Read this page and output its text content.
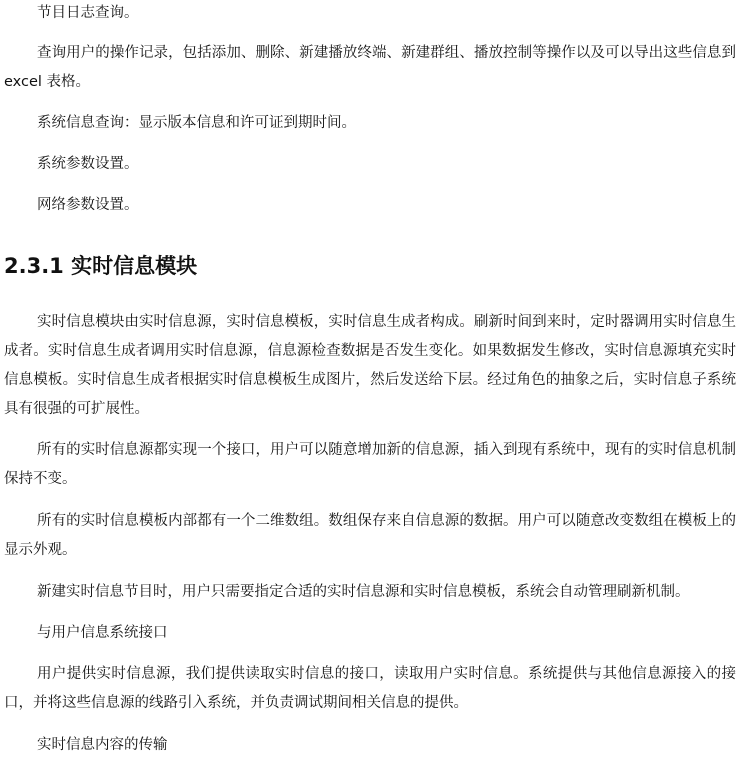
节目日志查询。

查询用户的操作记录，包括添加、删除、新建播放终端、新建群组、播放控制等操作以及可以导出这些信息到 excel 表格。

系统信息查询：显示版本信息和许可证到期时间。

系统参数设置。

网络参数设置。

2.3.1 实时信息模块

实时信息模块由实时信息源，实时信息模板，实时信息生成者构成。刷新时间到来时，定时器调用实时信息生成者。实时信息生成者调用实时信息源，信息源检查数据是否发生变化。如果数据发生修改，实时信息源填充实时信息模板。实时信息生成者根据实时信息模板生成图片，然后发送给下层。经过角色的抽象之后，实时信息子系统具有很强的可扩展性。

所有的实时信息源都实现一个接口，用户可以随意增加新的信息源，插入到现有系统中，现有的实时信息机制保持不变。

所有的实时信息模板内部都有一个二维数组。数组保存来自信息源的数据。用户可以随意改变数组在模板上的显示外观。

新建实时信息节目时，用户只需要指定合适的实时信息源和实时信息模板，系统会自动管理刷新机制。

与用户信息系统接口

用户提供实时信息源，我们提供读取实时信息的接口，读取用户实时信息。系统提供与其他信息源接入的接口，并将这些信息源的线路引入系统，并负责调试期间相关信息的提供。

实时信息内容的传输
